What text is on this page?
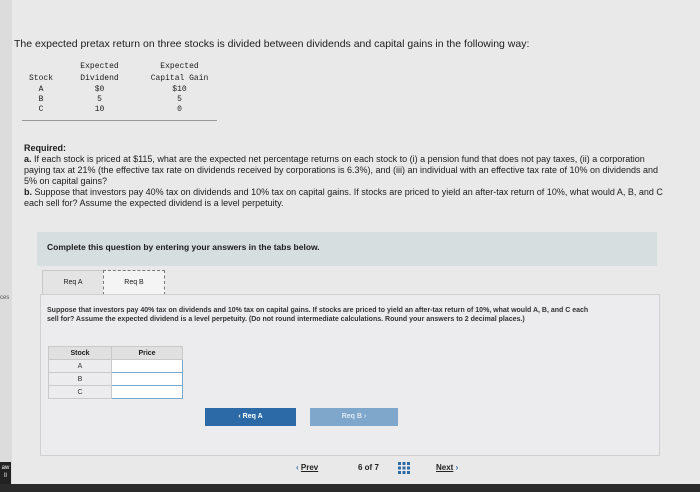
ces
aw
ll
The expected pretax return on three stocks is divided between dividends and capital gains in the following way:
Expected	Expected
Stock	Dividend	Capital Gain
A	$0	$10
B	5	5
C	10	0
Required:
a. If each stock is priced at $115, what are the expected net percentage returns on each stock to (i) a pension fund that does not pay taxes, (ii) a corporation paying tax at 21% (the effective tax rate on dividends received by corporations is 6.3%), and (iii) an individual with an effective tax rate of 10% on dividends and 5% on capital gains?
b. Suppose that investors pay 40% tax on dividends and 10% tax on capital gains. If stocks are priced to yield an after-tax return of 10%, what would A, B, and C each sell for? Assume the expected dividend is a level perpetuity.
Complete this question by entering your answers in the tabs below.
Req A	Req B
Suppose that investors pay 40% tax on dividends and 10% tax on capital gains. If stocks are priced to yield an after-tax return of 10%, what would A, B, and C each sell for? Assume the expected dividend is a level perpetuity. (Do not round intermediate calculations. Round your answers to 2 decimal places.)
Stock	Price
A	
B	
C	
‹ Req A	Req B ›
‹ Prev	6 of 7	Next ›
